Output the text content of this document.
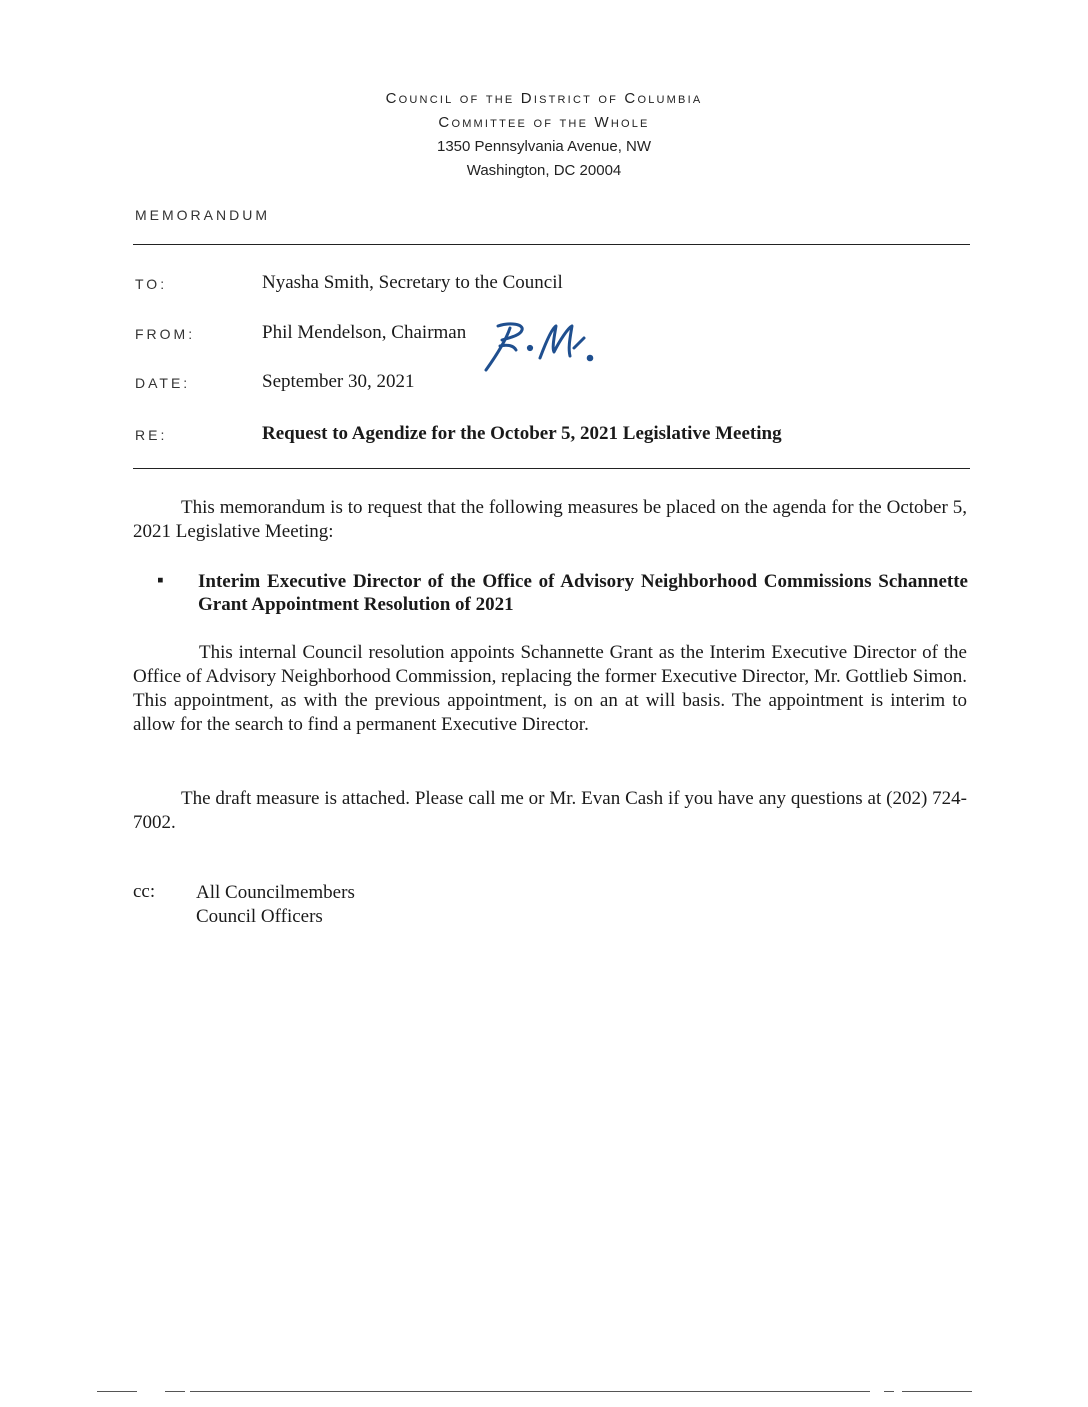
Council of the District of Columbia
Committee of the Whole
1350 Pennsylvania Avenue, NW
Washington, DC 20004
MEMORANDUM
TO:	Nyasha Smith, Secretary to the Council
FROM:	Phil Mendelson, Chairman
DATE:	September 30, 2021
RE:	Request to Agendize for the October 5, 2021 Legislative Meeting
This memorandum is to request that the following measures be placed on the agenda for the October 5, 2021 Legislative Meeting:
▪ Interim Executive Director of the Office of Advisory Neighborhood Commissions Schannette Grant Appointment Resolution of 2021
This internal Council resolution appoints Schannette Grant as the Interim Executive Director of the Office of Advisory Neighborhood Commission, replacing the former Executive Director, Mr. Gottlieb Simon. This appointment, as with the previous appointment, is on an at will basis. The appointment is interim to allow for the search to find a permanent Executive Director.
The draft measure is attached. Please call me or Mr. Evan Cash if you have any questions at (202) 724-7002.
cc: All Councilmembers
Council Officers
